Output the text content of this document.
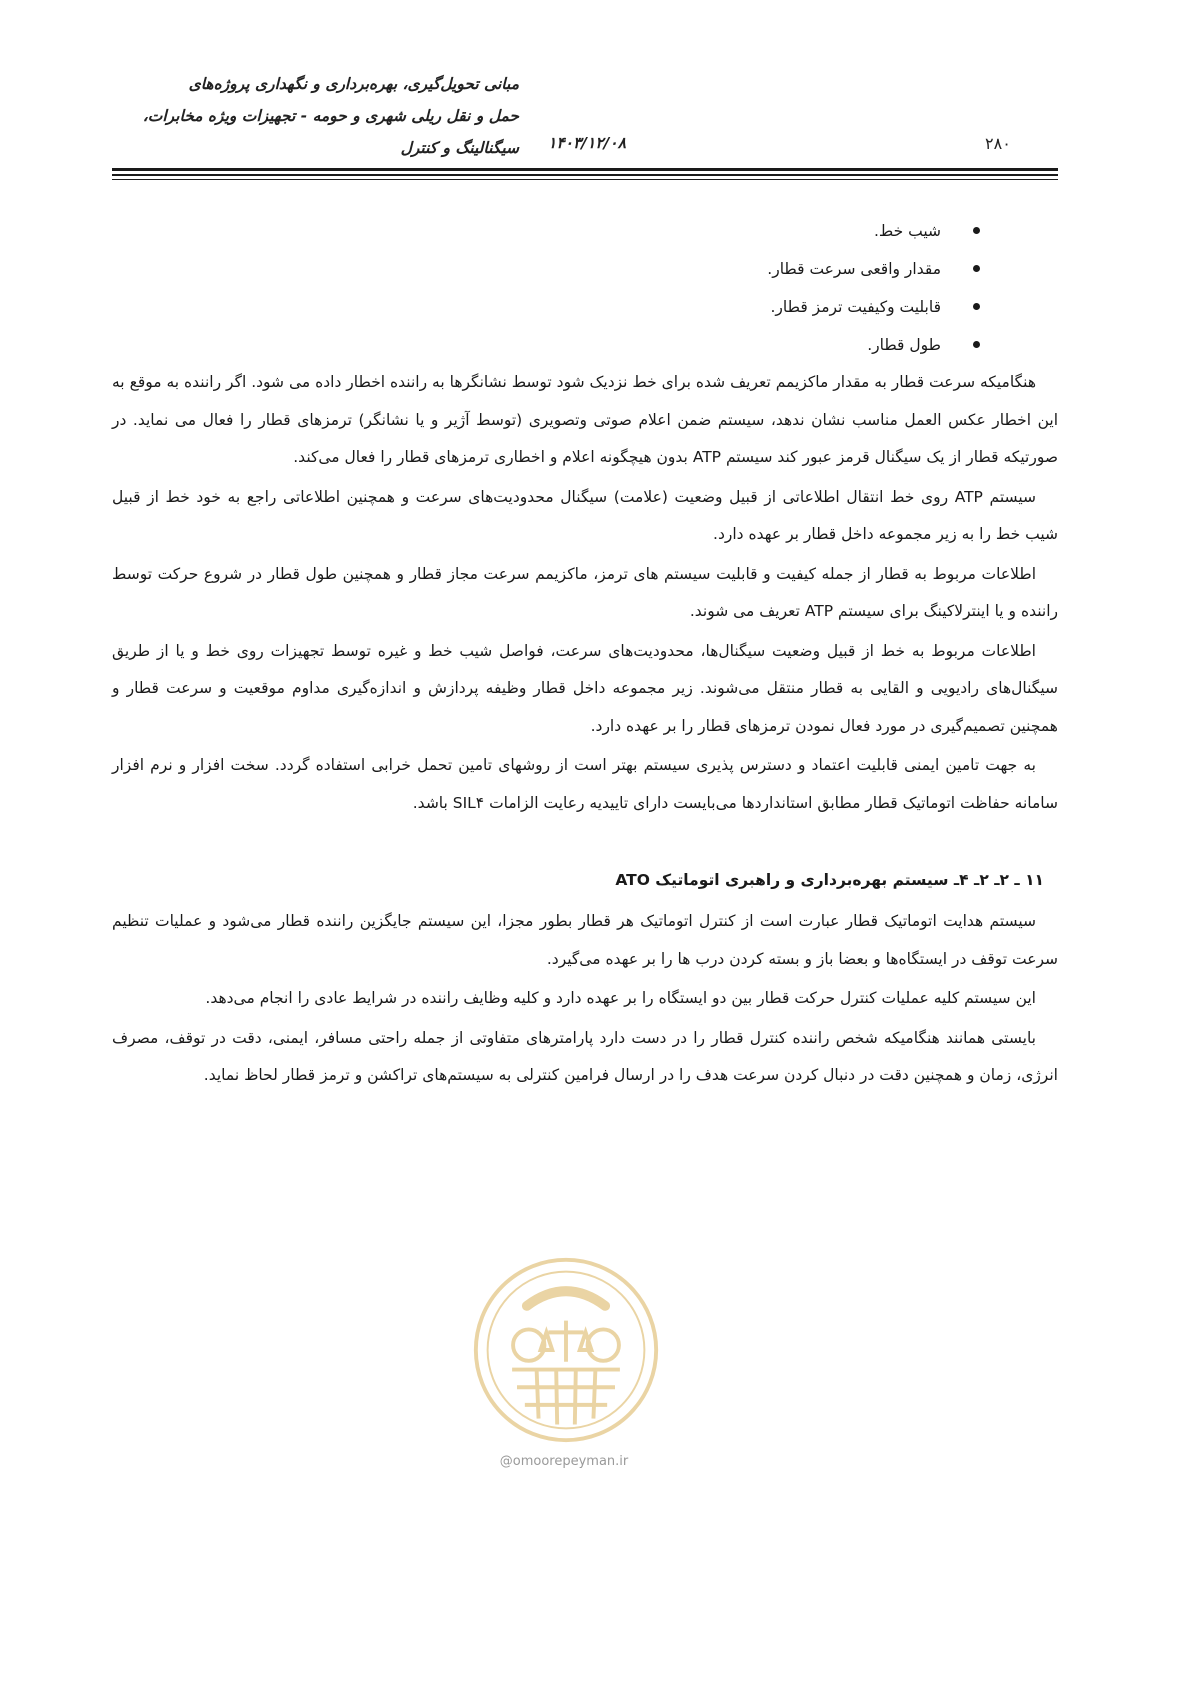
مبانی تحویل‌گیری، بهره‌برداری و نگهداری پروژه‌های
حمل و نقل ریلی شهری و حومه - تجهیزات ویژه مخابرات،
سیگنالینگ و کنترل ۱۴۰۳/۱۲/۰۸	۲۸۰
شیب خط.
مقدار واقعی سرعت قطار.
قابلیت وکیفیت ترمز قطار.
طول قطار.

هنگامیکه سرعت قطار به مقدار ماکزیمم تعریف شده برای خط نزدیک شود توسط نشانگرها به راننده اخطار داده می شود. اگر راننده به موقع به این اخطار عکس العمل مناسب نشان ندهد، سیستم ضمن اعلام صوتی وتصویری (توسط آژیر و یا نشانگر) ترمزهای قطار را فعال می نماید. در صورتیکه قطار از یک سیگنال قرمز عبور کند سیستم ATP بدون هیچگونه اعلام و اخطاری ترمزهای قطار را فعال می‌کند.

سیستم ATP روی خط انتقال اطلاعاتی از قبیل وضعیت (علامت) سیگنال محدودیت‌های سرعت و همچنین اطلاعاتی راجع به خود خط از قبیل شیب خط را به زیر مجموعه داخل قطار بر عهده دارد.

اطلاعات مربوط به قطار از جمله کیفیت و قابلیت سیستم های ترمز، ماکزیمم سرعت مجاز قطار و همچنین طول قطار در شروع حرکت توسط راننده و یا اینترلاکینگ برای سیستم ATP تعریف می شوند.

اطلاعات مربوط به خط از قبیل وضعیت سیگنال‌ها، محدودیت‌های سرعت، فواصل شیب خط و غیره توسط تجهیزات روی خط و یا از طریق سیگنال‌های رادیویی و القایی به قطار منتقل می‌شوند. زیر مجموعه داخل قطار وظیفه پردازش و اندازه‌گیری مداوم موقعیت و سرعت قطار و همچنین تصمیم‌گیری در مورد فعال نمودن ترمزهای قطار را بر عهده دارد.

به جهت تامین ایمنی قابلیت اعتماد و دسترس پذیری سیستم بهتر است از روشهای تامین تحمل خرابی استفاده گردد. سخت افزار و نرم افزار سامانه حفاظت اتوماتیک قطار مطابق استانداردها می‌بایست دارای تاییدیه رعایت الزامات SIL۴ باشد.

۱۱ ـ ۲ـ ۲ـ ۴ـ سیستم بهره‌برداری و راهبری اتوماتیک ATO

سیستم هدایت اتوماتیک قطار عبارت است از کنترل اتوماتیک هر قطار بطور مجزا، این سیستم جایگزین راننده قطار می‌شود و عملیات تنظیم سرعت توقف در ایستگاه‌ها و بعضا باز و بسته کردن درب ها را بر عهده می‌گیرد.

این سیستم کلیه عملیات کنترل حرکت قطار بین دو ایستگاه را بر عهده دارد و کلیه وظایف راننده در شرایط عادی را انجام می‌دهد.

بایستی همانند هنگامیکه شخص راننده کنترل قطار را در دست دارد پارامترهای متفاوتی از جمله راحتی مسافر، ایمنی، دقت در توقف، مصرف انرژی، زمان و همچنین دقت در دنبال کردن سرعت هدف را در ارسال فرامین کنترلی به سیستم‌های تراکشن و ترمز قطار لحاظ نماید.

@omoorepeyman.ir
